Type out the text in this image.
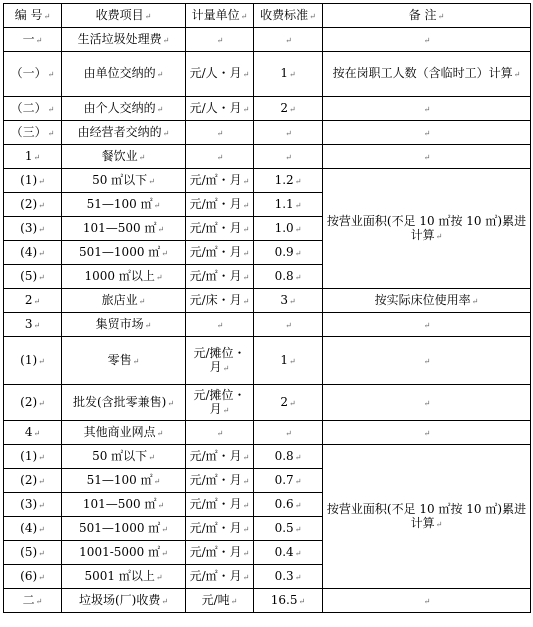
编 号↵	收费项目↵	计量单位↵	收费标准↵	备 注↵
一↵	生活垃圾处理费↵	↵	↵	↵
（一）↵	由单位交纳的↵	元/人・月↵	1↵	按在岗职工人数（含临时工）计算↵
（二）↵	由个人交纳的↵	元/人・月↵	2↵	↵
（三）↵	由经营者交纳的↵	↵	↵	↵
1↵	餐饮业↵	↵	↵	↵
(1)↵	50 ㎡以下↵	元/㎡・月↵	1.2↵	按营业面积(不足 10 ㎡按 10 ㎡)累进计算↵
(2)↵	51—100 ㎡↵	元/㎡・月↵	1.1↵	
(3)↵	101—500 ㎡↵	元/㎡・月↵	1.0↵	
(4)↵	501—1000 ㎡↵	元/㎡・月↵	0.9↵	
(5)↵	1000 ㎡以上↵	元/㎡・月↵	0.8↵	
2↵	旅店业↵	元/床・月↵	3↵	按实际床位使用率↵
3↵	集贸市场↵	↵	↵	↵
(1)↵	零售↵	元/摊位・月↵	1↵	↵
(2)↵	批发(含批零兼售)↵	元/摊位・月↵	2↵	↵
4↵	其他商业网点↵	↵	↵	↵
(1)↵	50 ㎡以下↵	元/㎡・月↵	0.8↵	按营业面积(不足 10 ㎡按 10 ㎡)累进计算↵
(2)↵	51—100 ㎡↵	元/㎡・月↵	0.7↵	
(3)↵	101—500 ㎡↵	元/㎡・月↵	0.6↵	
(4)↵	501—1000 ㎡↵	元/㎡・月↵	0.5↵	
(5)↵	1001-5000 ㎡↵	元/㎡・月↵	0.4↵	
(6)↵	5001 ㎡以上↵	元/㎡・月↵	0.3↵	
二↵	垃圾场(厂)收费↵	元/吨↵	16.5↵	↵
